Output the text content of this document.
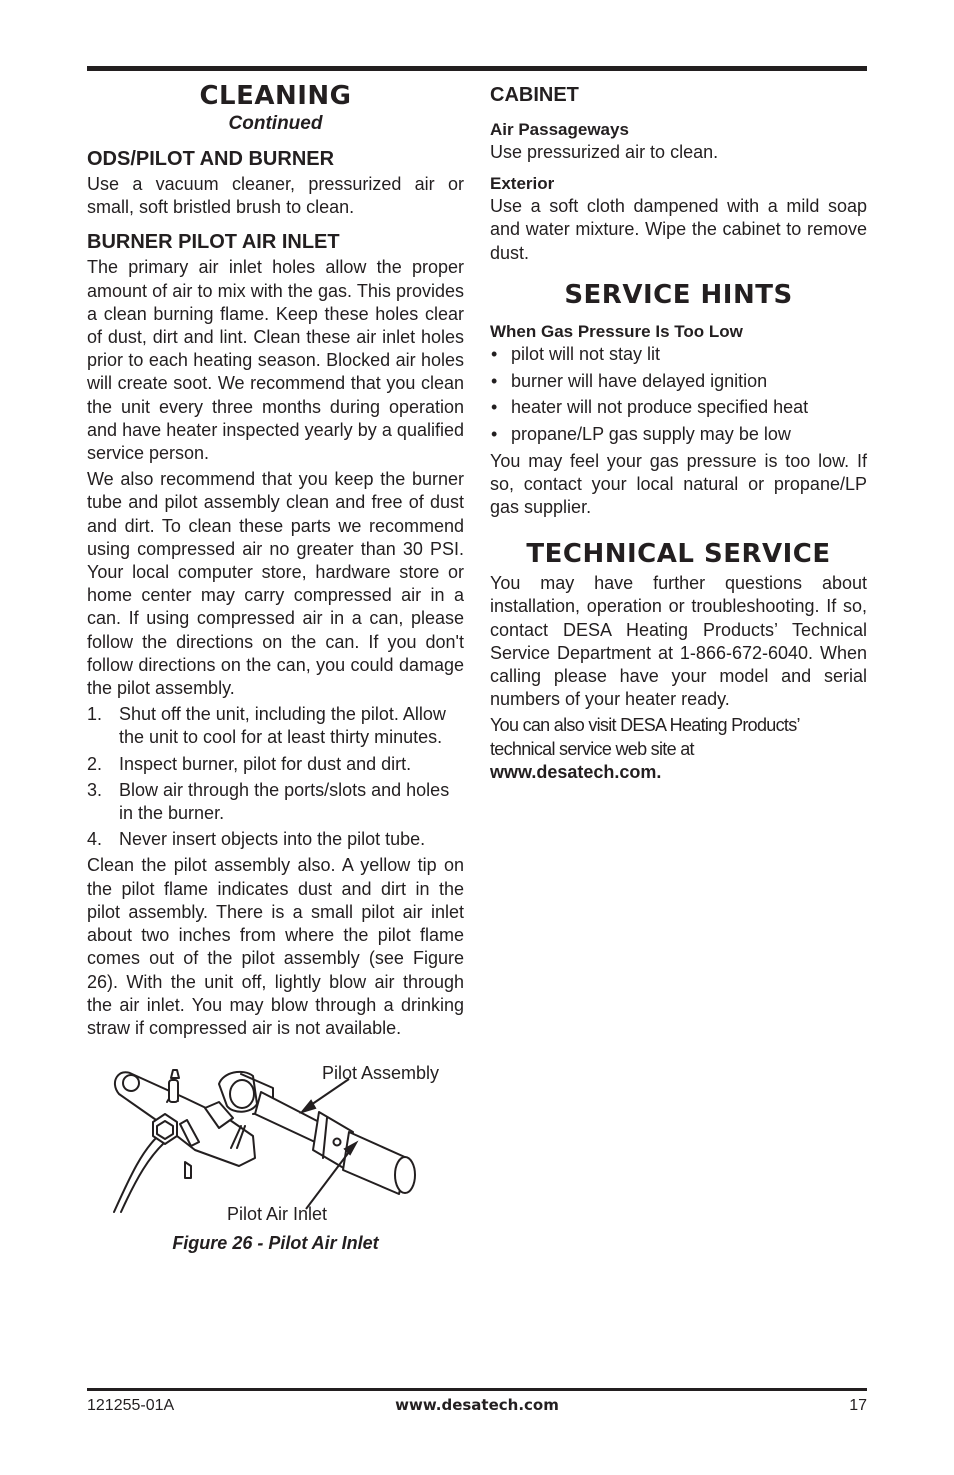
CLEANING
Continued
ODS/PILOT AND BURNER

Use a vacuum cleaner, pressurized air or small, soft bristled brush to clean.

BURNER PILOT AIR INLET

The primary air inlet holes allow the proper amount of air to mix with the gas. This provides a clean burning flame. Keep these holes clear of dust, dirt and lint. Clean these air inlet holes prior to each heating season. Blocked air holes will create soot. We recommend that you clean the unit every three months during operation and have heater inspected yearly by a qualified service person.

We also recommend that you keep the burner tube and pilot assembly clean and free of dust and dirt. To clean these parts we recommend using compressed air no greater than 30 PSI. Your local computer store, hardware store or home center may carry compressed air in a can. If using compressed air in a can, please follow the directions on the can. If you don't follow directions on the can, you could damage the pilot assembly.

1. Shut off the unit, including the pilot. Allow the unit to cool for at least thirty minutes.
2. Inspect burner, pilot for dust and dirt.
3. Blow air through the ports/slots and holes in the burner.
4. Never insert objects into the pilot tube.

Clean the pilot assembly also. A yellow tip on the pilot flame indicates dust and dirt in the pilot assembly. There is a small pilot air inlet about two inches from where the pilot flame comes out of the pilot assembly (see Figure 26). With the unit off, lightly blow air through the air inlet. You may blow through a drinking straw if compressed air is not available.

Pilot Assembly
Pilot Air Inlet
Figure 26 - Pilot Air Inlet
CABINET
Air Passageways

Use pressurized air to clean.

Exterior

Use a soft cloth dampened with a mild soap and water mixture. Wipe the cabinet to remove dust.

SERVICE HINTS
When Gas Pressure Is Too Low
• pilot will not stay lit
• burner will have delayed ignition
• heater will not produce specified heat
• propane/LP gas supply may be low

You may feel your gas pressure is too low. If so, contact your local natural or propane/LP gas supplier.

TECHNICAL SERVICE

You may have further questions about installation, operation or troubleshooting. If so, contact DESA Heating Products’ Technical Service Department at 1-866-672-6040. When calling please have your model and serial numbers of your heater ready.

You can also visit DESA Heating Products’ technical service web site at www.desatech.com.

121255-01A	www.desatech.com	17
